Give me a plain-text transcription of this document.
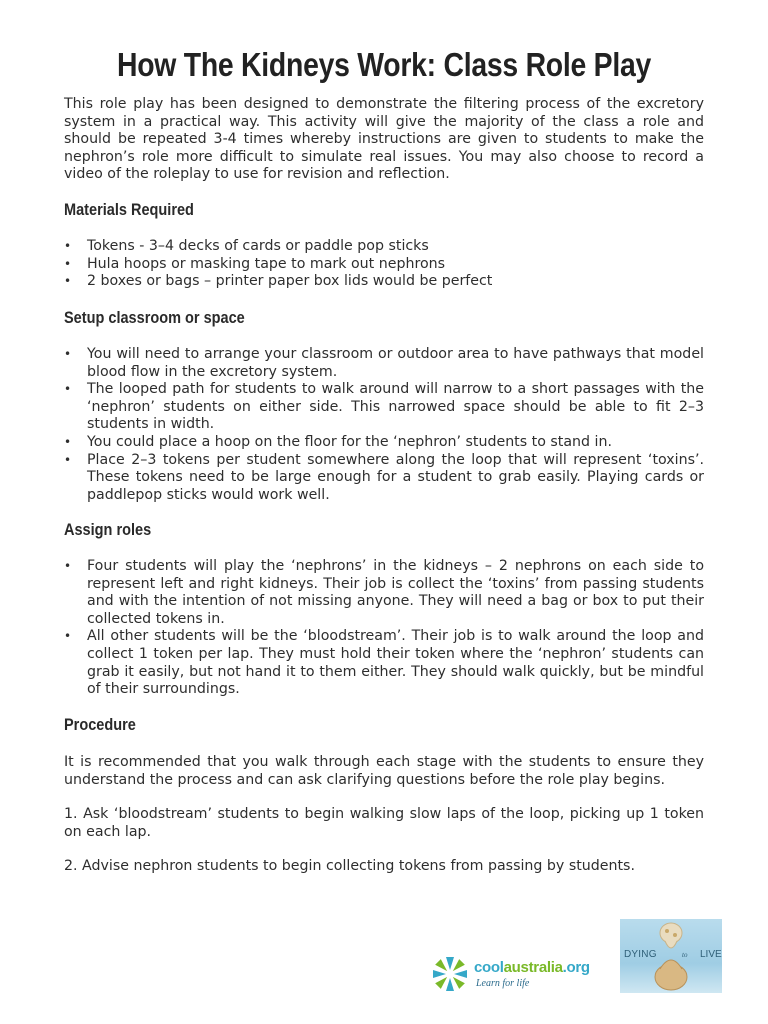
How The Kidneys Work: Class Role Play

This role play has been designed to demonstrate the filtering process of the excretory system in a practical way. This activity will give the majority of the class a role and should be repeated 3-4 times whereby instructions are given to students to make the nephron’s role more difficult to simulate real issues. You may also choose to record a video of the roleplay to use for revision and reflection.

Materials Required
• Tokens - 3–4 decks of cards or paddle pop sticks
• Hula hoops or masking tape to mark out nephrons
• 2 boxes or bags – printer paper box lids would be perfect
Setup classroom or space
• You will need to arrange your classroom or outdoor area to have pathways that model blood flow in the excretory system.
• The looped path for students to walk around will narrow to a short passages with the ‘nephron’ students on either side. This narrowed space should be able to fit 2–3 students in width.
• You could place a hoop on the floor for the ‘nephron’ students to stand in.
• Place 2–3 tokens per student somewhere along the loop that will represent ‘toxins’. These tokens need to be large enough for a student to grab easily. Playing cards or paddlepop sticks would work well.
Assign roles
• Four students will play the ‘nephrons’ in the kidneys – 2 nephrons on each side to represent left and right kidneys. Their job is collect the ‘toxins’ from passing students and with the intention of not missing anyone. They will need a bag or box to put their collected tokens in.
• All other students will be the ‘bloodstream’. Their job is to walk around the loop and collect 1 token per lap. They must hold their token where the ‘nephron’ students can grab it easily, but not hand it to them either. They should walk quickly, but be mindful of their surroundings.
Procedure

It is recommended that you walk through each stage with the students to ensure they understand the process and can ask clarifying questions before the role play begins.

1. Ask ‘bloodstream’ students to begin walking slow laps of the loop, picking up 1 token on each lap.

2. Advise nephron students to begin collecting tokens from passing by students.

coolaustralia.org
Learn for life
DYING	to LIVE
